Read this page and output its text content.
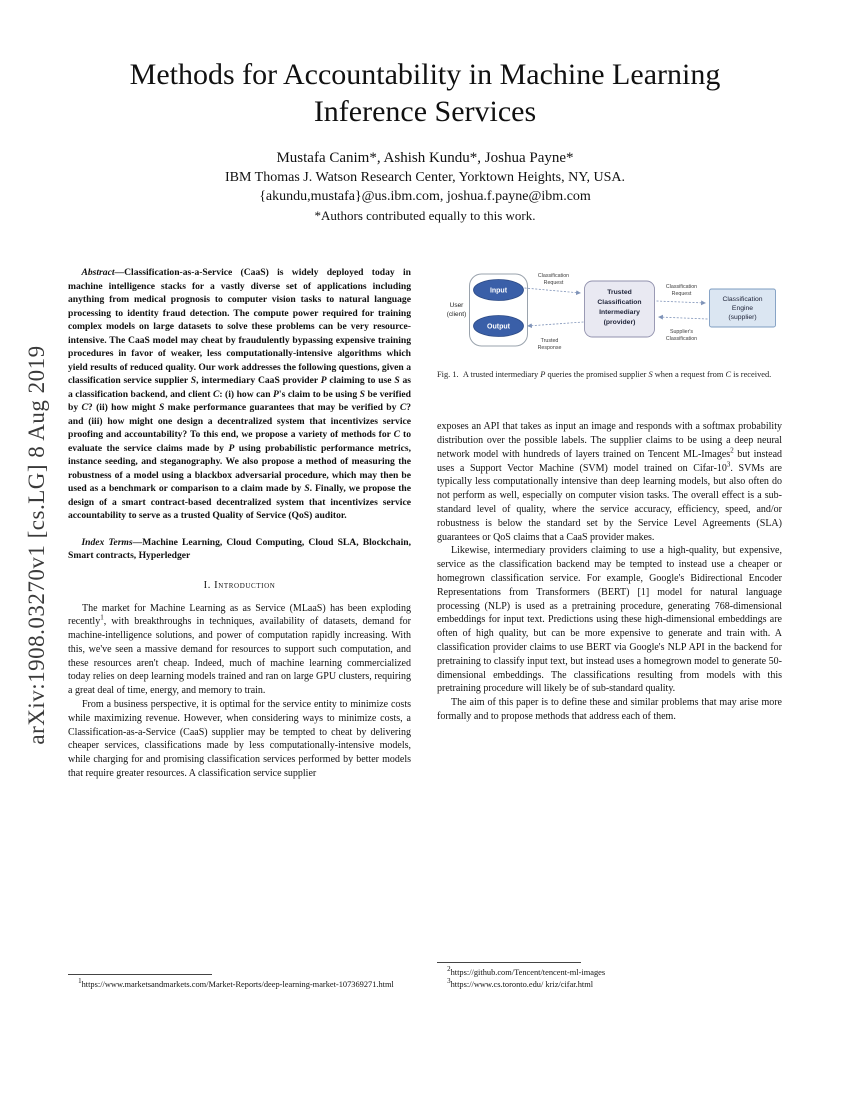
arXiv:1908.03270v1 [cs.LG] 8 Aug 2019
Methods for Accountability in Machine Learning
Inference Services
Mustafa Canim*, Ashish Kundu*, Joshua Payne*
IBM Thomas J. Watson Research Center, Yorktown Heights, NY, USA.
{akundu,mustafa}@us.ibm.com, joshua.f.payne@ibm.com
*Authors contributed equally to this work.

Abstract—Classification-as-a-Service (CaaS) is widely deployed today in machine intelligence stacks for a vastly diverse set of applications including anything from medical prognosis to computer vision tasks to natural language processing to identity fraud detection. The compute power required for training complex models on large datasets to solve these problems can be very resource-intensive. The CaaS model may cheat by fraudulently bypassing expensive training procedures in favor of weaker, less computationally-intensive algorithms which yield results of reduced quality. Our work addresses the following questions, given a classification service supplier S, intermediary CaaS provider P claiming to use S as a classification backend, and client C: (i) how can P's claim to be using S be verified by C? (ii) how might S make performance guarantees that may be verified by C? and (iii) how might one design a decentralized system that incentivizes service proofing and accountability? To this end, we propose a variety of methods for C to evaluate the service claims made by P using probabilistic performance metrics, instance seeding, and steganography. We also propose a method of measuring the robustness of a model using a blackbox adversarial procedure, which may then be used as a benchmark or comparison to a claim made by S. Finally, we propose the design of a smart contract-based decentralized system that incentivizes service accountability to serve as a trusted Quality of Service (QoS) auditor.

Index Terms—Machine Learning, Cloud Computing, Cloud SLA, Blockchain, Smart contracts, Hyperledger

I. Introduction

The market for Machine Learning as as Service (MLaaS) has been exploding recently$^1$, with breakthroughs in techniques, availability of datasets, demand for machine-intelligence solutions, and power of computation rapidly increasing. With this, we've seen a massive demand for resources to support such computation, and these resources aren't cheap. Indeed, much of machine learning commercialized today relies on deep learning models trained and ran on large GPU clusters, requiring a great deal of time, energy, and memory to train.

From a business perspective, it is optimal for the service entity to minimize costs while maximizing revenue. However, when considering ways to minimize costs, a Classification-as-a-Service (CaaS) supplier may be tempted to cheat by delivering cheaper services, classifications made by less computationally-intensive models, while charging for and promising classification services performed by better models that require greater resources. A classification service supplier

$^1$https://www.marketsandmarkets.com/Market-Reports/deep-learning-market-107369271.html

User
(client)
Input
Output
Trusted
Classification
Intermediary
(provider)
Classification
Engine
(supplier)
Classification
Request
Trusted
Response
Classification
Request
Supplier's
Classification

Fig. 1.  A trusted intermediary P queries the promised supplier S when a request from C is received.

exposes an API that takes as input an image and responds with a softmax probability distribution over the possible labels. The supplier claims to be using a deep neural network model with hundreds of layers trained on Tencent ML-Images$^2$ but instead uses a Support Vector Machine (SVM) model trained on Cifar-$10^3$. SVMs are typically less computationally intensive than deep learning models, but also often do not perform as well, especially on computer vision tasks. The overall effect is a sub-standard level of quality, where the service accuracy, efficiency, speed, and/or robustness is below the standard set by the Service Level Agreements (SLA) guarantees or QoS claims that a CaaS provider makes.

Likewise, intermediary providers claiming to use a high-quality, but expensive, service as the classification backend may be tempted to instead use a cheaper or homegrown classification service. For example, Google's Bidirectional Encoder Representations from Transformers (BERT) [1] model for natural language processing (NLP) is used as a pretraining procedure, generating 768-dimensional embeddings for input text. Predictions using these high-dimensional embeddings are often of high quality, but can be more expensive to generate and train with. A classification provider claims to use BERT via Google's NLP API in the backend for pretraining to classify input text, but instead uses a homegrown model to generate 50-dimensional embeddings. The classifications resulting from models with this pretraining procedure will likely be of sub-standard quality.

The aim of this paper is to define these and similar problems that may arise more formally and to propose methods that address each of them.

$^2$https://github.com/Tencent/tencent-ml-images

$^3$https://www.cs.toronto.edu/ kriz/cifar.html
